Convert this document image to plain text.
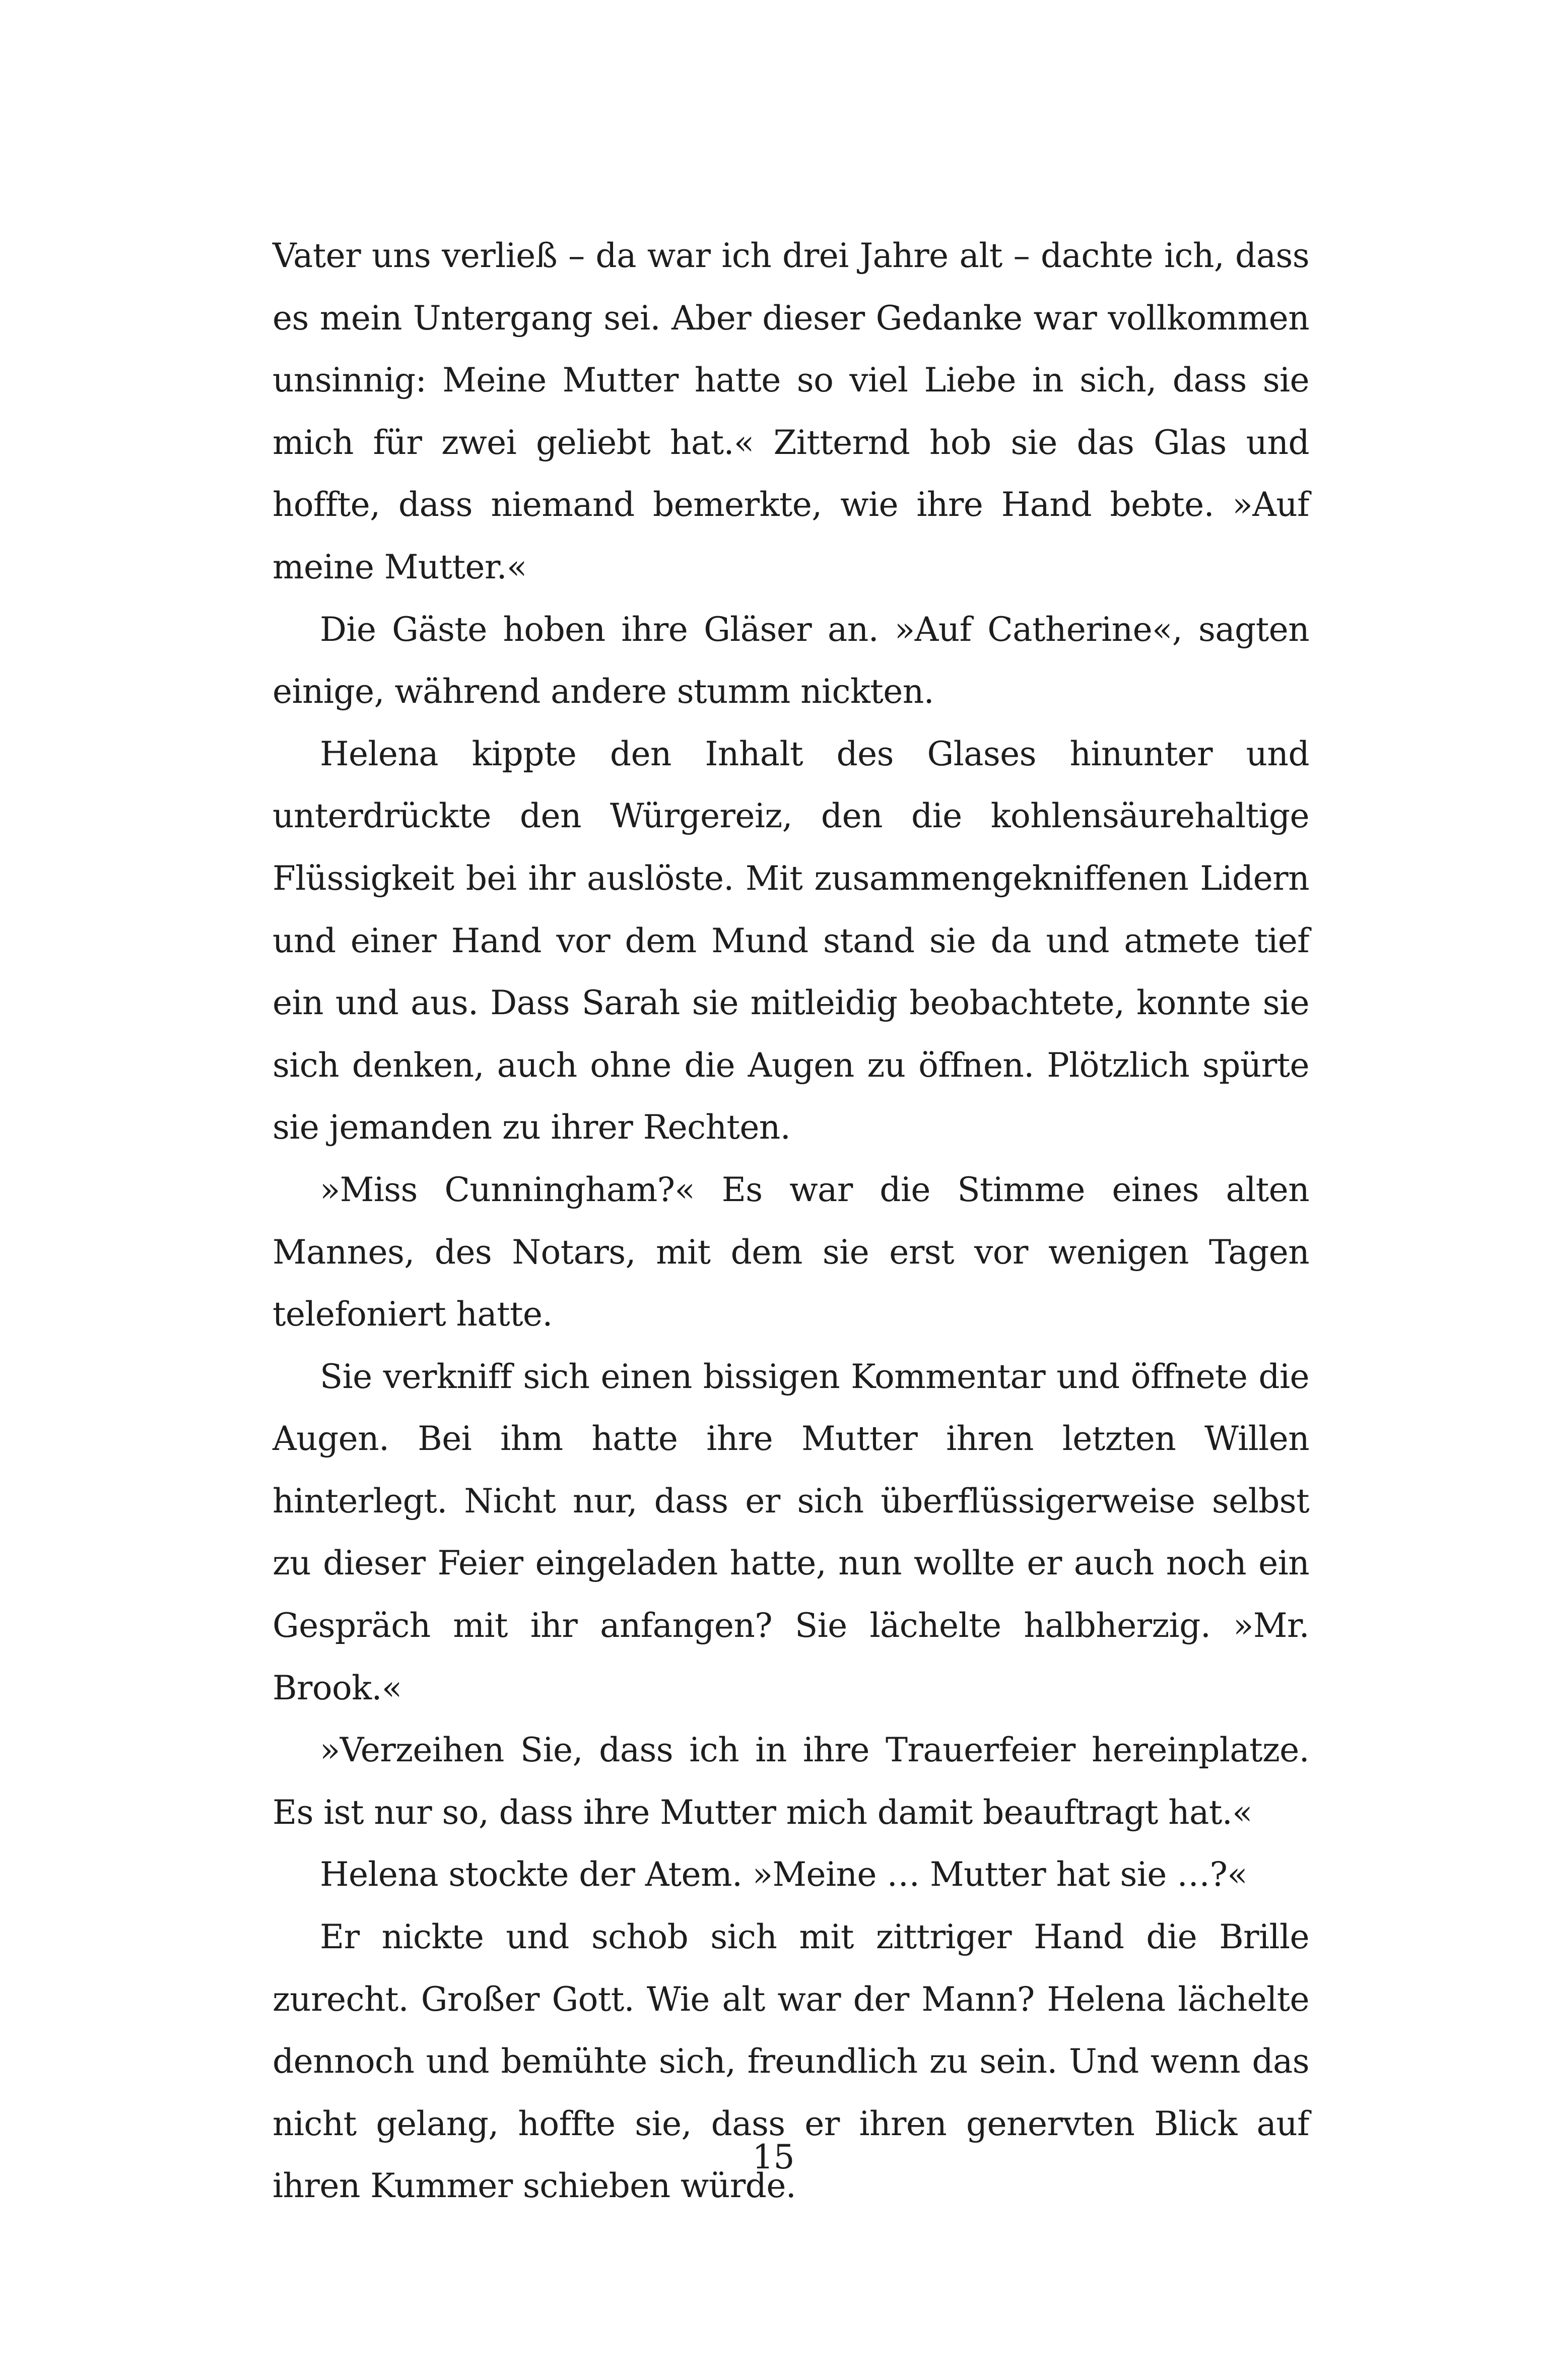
Vater uns verließ – da war ich drei Jahre alt – dachte ich, dass es mein Untergang sei. Aber dieser Gedanke war vollkommen unsinnig: Meine Mutter hatte so viel Liebe in sich, dass sie mich für zwei geliebt hat.« Zitternd hob sie das Glas und hoffte, dass niemand bemerkte, wie ihre Hand bebte. »Auf meine Mutter.«

Die Gäste hoben ihre Gläser an. »Auf Catherine«, sagten einige, während andere stumm nickten.

Helena kippte den Inhalt des Glases hinunter und unterdrückte den Würgereiz, den die kohlensäurehaltige Flüssigkeit bei ihr auslöste. Mit zusammengekniffenen Lidern und einer Hand vor dem Mund stand sie da und atmete tief ein und aus. Dass Sarah sie mitleidig beobachtete, konnte sie sich denken, auch ohne die Augen zu öffnen. Plötzlich spürte sie jemanden zu ihrer Rechten.

»Miss Cunningham?« Es war die Stimme eines alten Mannes, des Notars, mit dem sie erst vor wenigen Tagen telefoniert hatte.

Sie verkniff sich einen bissigen Kommentar und öffnete die Augen. Bei ihm hatte ihre Mutter ihren letzten Willen hinterlegt. Nicht nur, dass er sich überflüssigerweise selbst zu dieser Feier eingeladen hatte, nun wollte er auch noch ein Gespräch mit ihr anfangen? Sie lächelte halbherzig. »Mr. Brook.«

»Verzeihen Sie, dass ich in ihre Trauerfeier hereinplatze. Es ist nur so, dass ihre Mutter mich damit beauftragt hat.«

Helena stockte der Atem. »Meine … Mutter hat sie …?«

Er nickte und schob sich mit zittriger Hand die Brille zurecht. Großer Gott. Wie alt war der Mann? Helena lächelte dennoch und bemühte sich, freundlich zu sein. Und wenn das nicht gelang, hoffte sie, dass er ihren genervten Blick auf ihren Kummer schieben würde.

15
